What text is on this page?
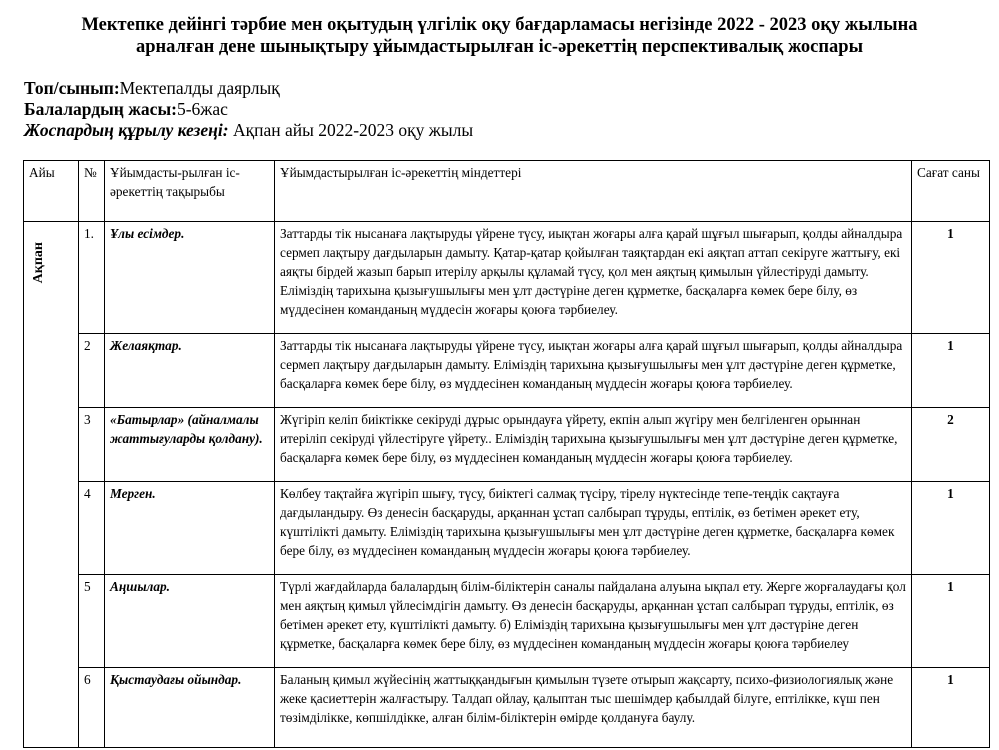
Мектепке дейінгі тәрбие мен оқытудың үлгілік оқу бағдарламасы негізінде 2022 - 2023 оқу жылына
арналған дене шынықтыру ұйымдастырылған іс-әрекеттің перспективалық жоспары
Топ/сынып:Мектепалды даярлық
Балалардың жасы:5-6жас
Жоспардың құрылу кезеңі: Ақпан айы 2022-2023 оқу жылы
Айы	№	Ұйымдасты-рылған іс-әрекеттің тақырыбы	Ұйымдастырылған іс-әрекеттің міндеттері	Сағат саны

Ақпан	1.	Ұлы есімдер.	Заттарды тік нысанаға лақтыруды үйрене түсу, иықтан жоғары алға қарай шұғыл шығарып, қолды айналдыра сермеп лақтыру дағдыларын дамыту. Қатар-қатар қойылған таяқтардан екі аяқтап аттап секіруге жаттығу, екі аяқты бірдей жазып барып итерілу арқылы құламай түсу, қол мен аяқтың қимылын үйлестіруді дамыту. Еліміздің тарихына қызығушылығы мен ұлт дәстүріне деген құрметке, басқаларға көмек бере білу, өз мүддесінен команданың мүддесін жоғары қоюға тәрбиелеу.	1
	2	Желаяқтар.	Заттарды тік нысанаға лақтыруды үйрене түсу, иықтан жоғары алға қарай шұғыл шығарып, қолды айналдыра сермеп лақтыру дағдыларын дамыту. Еліміздің тарихына қызығушылығы мен ұлт дәстүріне деген құрметке, басқаларға көмек бере білу, өз мүддесінен команданың мүддесін жоғары қоюға тәрбиелеу.	1
	3	«Батырлар» (айналмалы жаттығуларды қолдану).	Жүгіріп келіп биіктікке секіруді дұрыс орындауға үйрету, екпін алып жүгіру мен белгіленген орыннан итеріліп секіруді үйлестіруге үйрету.. Еліміздің тарихына қызығушылығы мен ұлт дәстүріне деген құрметке, басқаларға көмек бере білу, өз мүддесінен команданың мүддесін жоғары қоюға тәрбиелеу.	2
	4	Мерген.	Көлбеу тақтайға жүгіріп шығу, түсу, биіктегі салмақ түсіру, тірелу нүктесінде тепе-теңдік сақтауға дағдыландыру. Өз денесін басқаруды, арқаннан ұстап салбырап тұруды, ептілік, өз бетімен әрекет ету, күштілікті дамыту. Еліміздің тарихына қызығушылығы мен ұлт дәстүріне деген құрметке, басқаларға көмек бере білу, өз мүддесінен команданың мүддесін жоғары қоюға тәрбиелеу.	1
	5	Аңшылар.	Түрлі жағдайларда балалардың білім-біліктерін саналы пайдалана алуына ықпал ету. Жерге жорғалаудағы қол мен аяқтың қимыл үйлесімдігін дамыту. Өз денесін басқаруды, арқаннан ұстап салбырап тұруды, ептілік, өз бетімен әрекет ету, күштілікті дамыту. б) Еліміздің тарихына қызығушылығы мен ұлт дәстүріне деген құрметке, басқаларға көмек бере білу, өз мүддесінен команданың мүддесін жоғары қоюға тәрбиелеу	1
	6	Қыстаудағы ойындар.	Баланың қимыл жүйесінің жаттыққандығын қимылын түзете отырып жақсарту, психо-физиологиялық және жеке қасиеттерін жалғастыру. Талдап ойлау, қалыптан тыс шешімдер қабылдай білуге, ептілікке, күш пен төзімділікке, көпшілдікке, алған білім-біліктерін өмірде қолдануға баулу.	1
